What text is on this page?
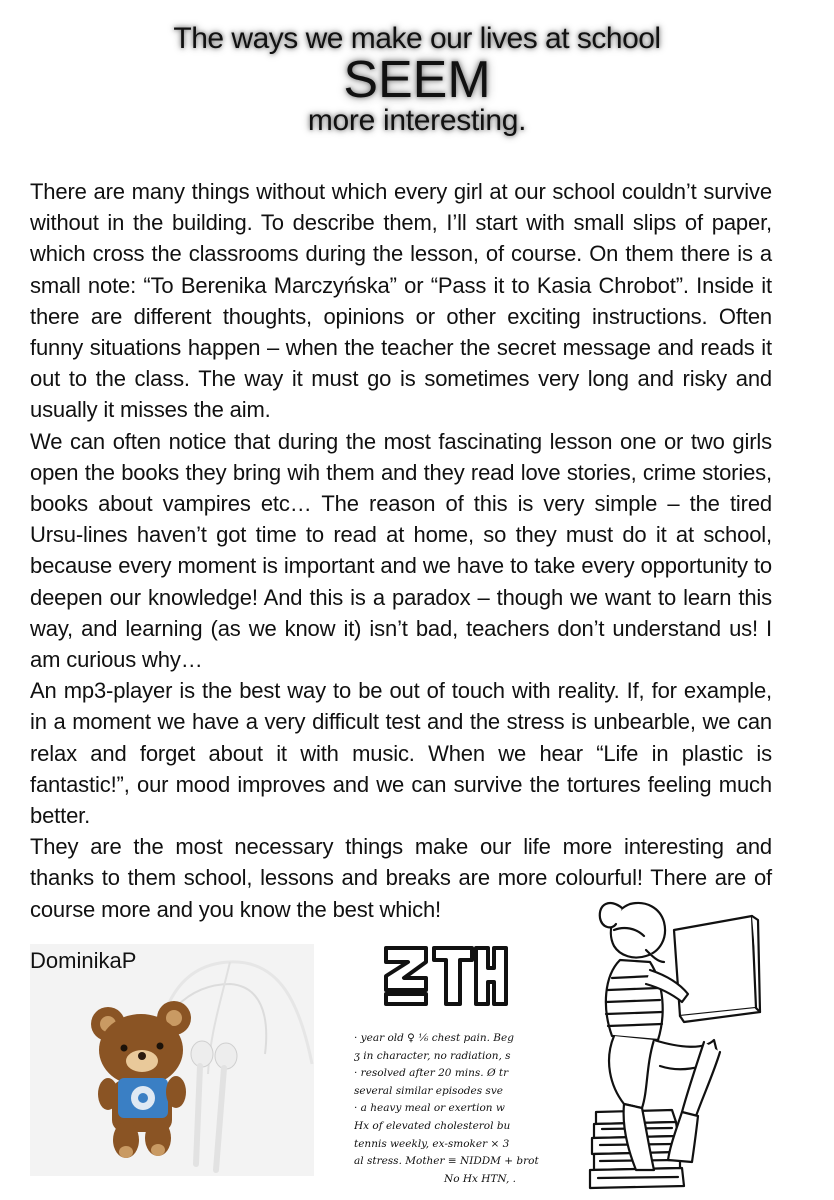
The ways we make our lives at school
SEEM
more interesting.

There are many things without which every girl at our school couldn’t survive without in the building. To describe them, I’ll start with small slips of paper, which cross the classrooms during the lesson, of course. On them there is a small note: “To Berenika Marczyńska” or “Pass it to Kasia Chrobot”. Inside it there are different thoughts, opinions or other exciting instructions. Often funny situations happen – when the teacher the secret message and reads it out to the class. The way it must go is sometimes very long and risky and usually it misses the aim.

We can often notice that during the most fascinating lesson one or two girls open the books they bring wih them and they read love stories, crime stories, books about vampires etc… The reason of this is very simple – the tired Ursu-lines haven’t got time to read at home, so they must do it at school, because every moment is important and we have to take every opportunity to deepen our knowledge! And this is a paradox – though we want to learn this way, and learning (as we know it) isn’t bad, teachers don’t understand us! I am curious why…

An mp3-player is the best way to be out of touch with reality. If, for example, in a moment we have a very difficult test and the stress is unbearble, we can relax and forget about it with music. When we hear “Life in plastic is fantastic!”, our mood improves and we can survive the tortures feeling much better.

They are the most necessary things make our life more interesting and thanks to them school, lessons and breaks are more colourful! There are of course more and you know the best which!

DominikaP
· year old ♀ ⅙ chest pain. Beg
ʒ in character, no radiation, s
· resolved after 20 mins. Ø tr
several similar episodes sve
· a heavy meal or exertion w
Hx of elevated cholesterol bu
tennis weekly, ex-smoker × 3
al stress. Mother ≡ NIDDM + brot
No Hx HTN, .
